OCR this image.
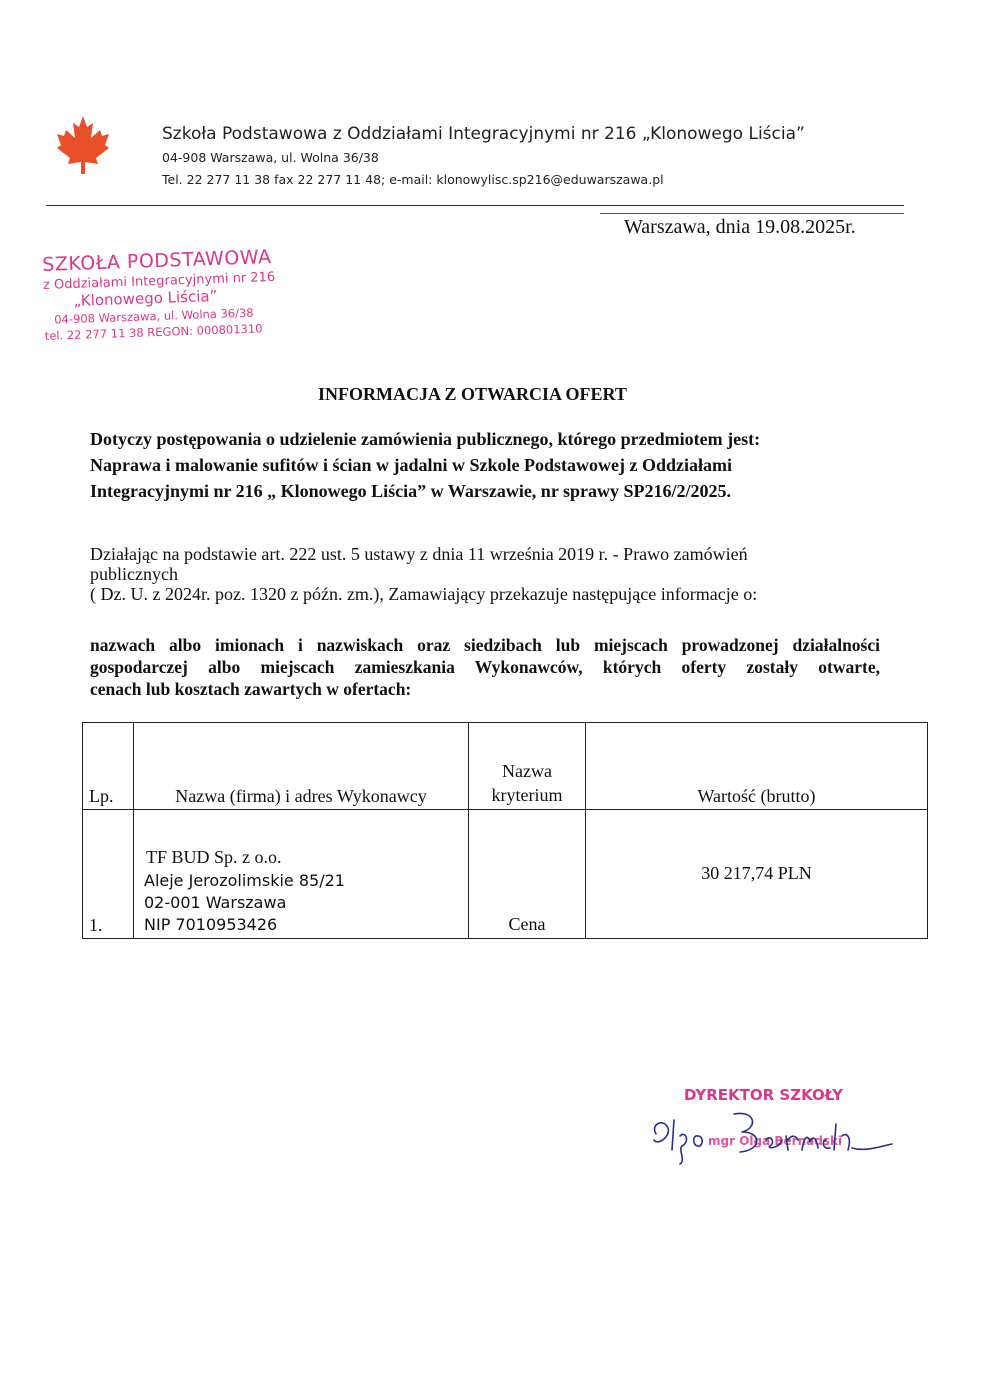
Szkoła Podstawowa z Oddziałami Integracyjnymi nr 216 „Klonowego Liścia”
04-908 Warszawa, ul. Wolna 36/38
Tel. 22 277 11 38 fax 22 277 11 48; e-mail: klonowylisc.sp216@eduwarszawa.pl
Warszawa, dnia 19.08.2025r.
SZKOŁA PODSTAWOWA
z Oddziałami Integracyjnymi nr 216
„Klonowego Liścia”
04-908 Warszawa, ul. Wolna 36/38
tel. 22 277 11 38 REGON: 000801310
INFORMACJA Z OTWARCIA OFERT
Dotyczy postępowania o udzielenie zamówienia publicznego, którego przedmiotem jest:
Naprawa i malowanie sufitów i ścian w jadalni w Szkole Podstawowej z Oddziałami
Integracyjnymi nr 216 „ Klonowego Liścia” w Warszawie, nr sprawy SP216/2/2025.
Działając na podstawie art. 222 ust. 5 ustawy z dnia 11 września 2019 r. - Prawo zamówień
publicznych
( Dz. U. z 2024r. poz. 1320 z późn. zm.), Zamawiający przekazuje następujące informacje o:
nazwach albo imionach i nazwiskach oraz siedzibach lub miejscach prowadzonej działalności
gospodarczej albo miejscach zamieszkania Wykonawców, których oferty zostały otwarte,
cenach lub kosztach zawartych w ofertach:
Lp.	Nazwa (firma) i adres Wykonawcy	Nazwa
kryterium	Wartość (brutto)
1.	TF BUD Sp. z o.o.
Aleje Jerozolimskie 85/21
02-001 Warszawa
NIP 7010953426	Cena	30 217,74 PLN
DYREKTOR SZKOŁY
mgr Olga Bernadski
